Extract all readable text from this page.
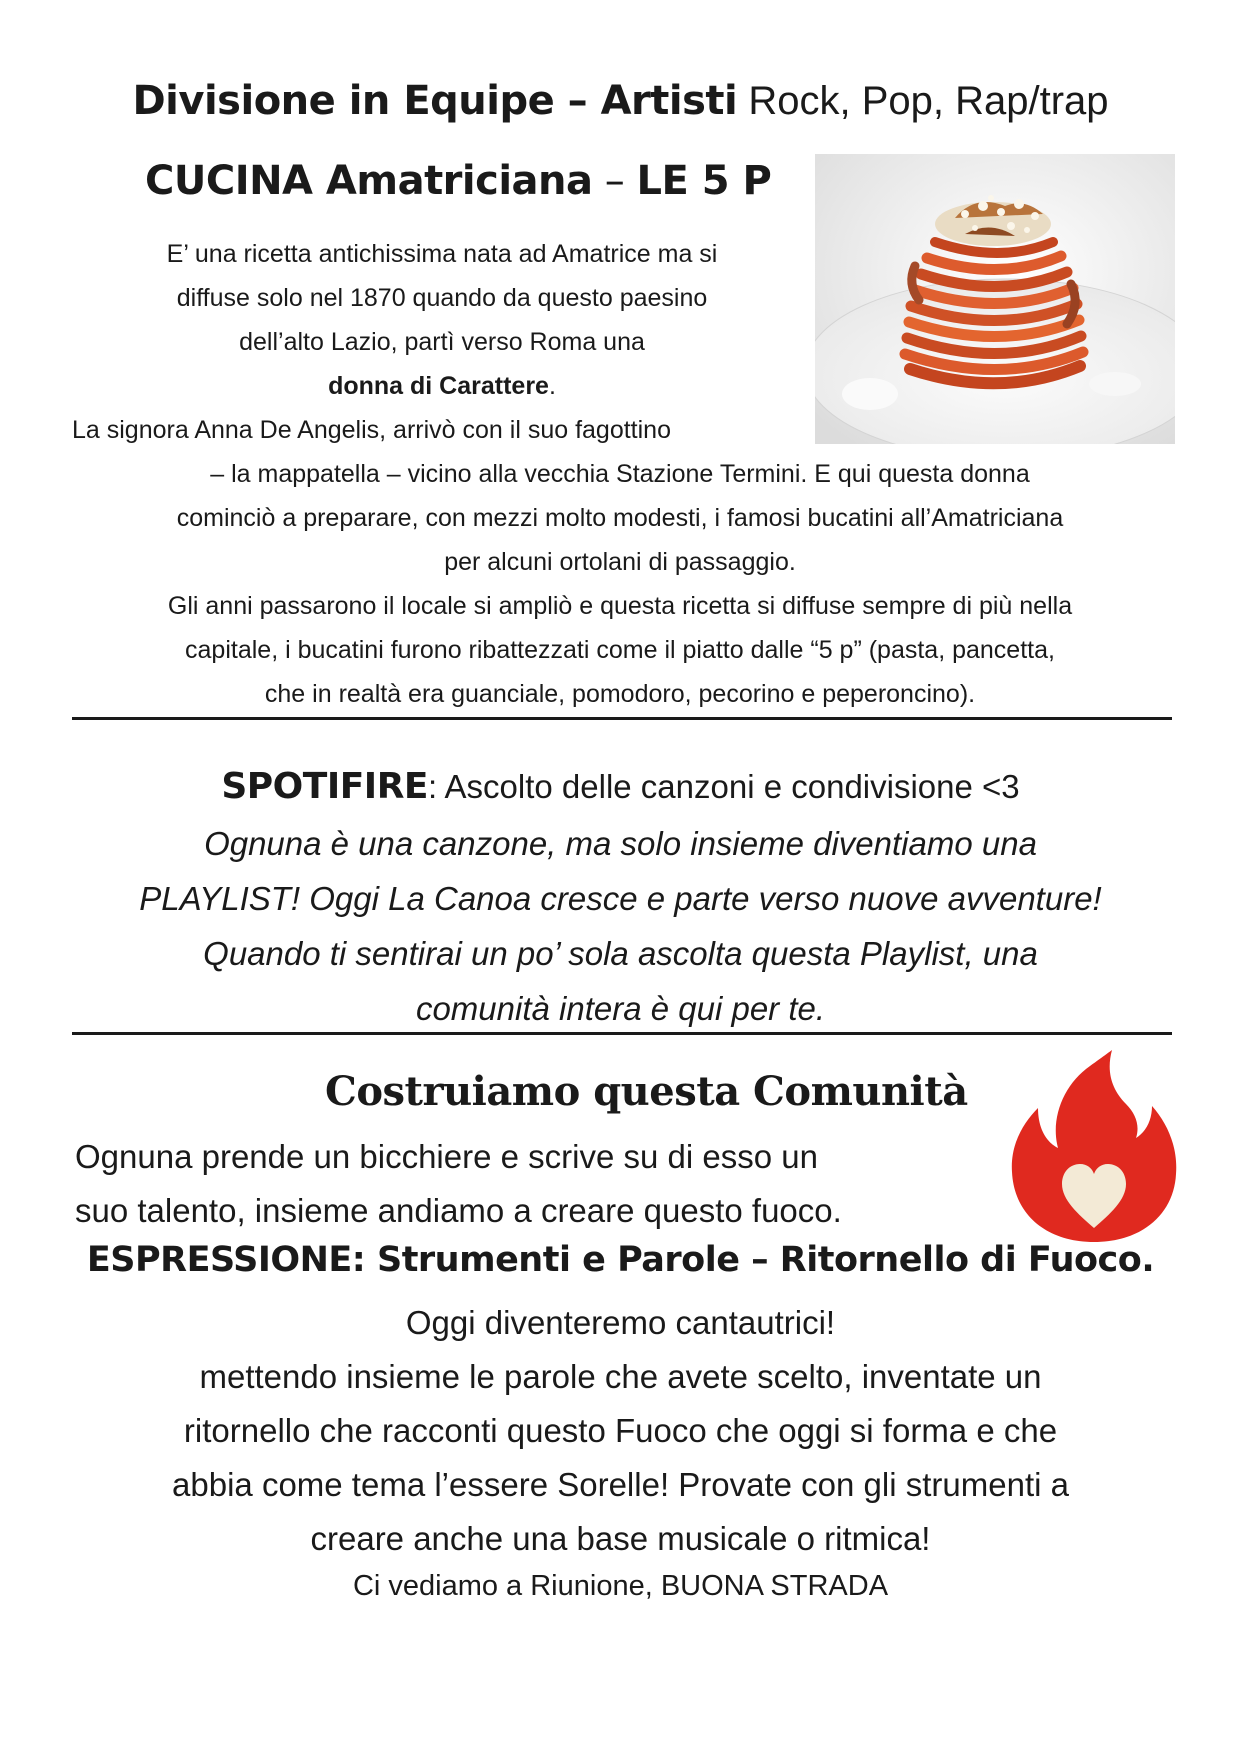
Divisione in Equipe – Artisti Rock, Pop, Rap/trap
CUCINA Amatriciana – LE 5 P

E’ una ricetta antichissima nata ad Amatrice ma si

diffuse solo nel 1870 quando da questo paesino

dell’alto Lazio, partì verso Roma una

donna di Carattere.

La signora Anna De Angelis, arrivò con il suo fagottino

– la mappatella – vicino alla vecchia Stazione Termini. E qui questa donna

cominciò a preparare, con mezzi molto modesti, i famosi bucatini all’Amatriciana

per alcuni ortolani di passaggio.

Gli anni passarono il locale si ampliò e questa ricetta si diffuse sempre di più nella

capitale, i bucatini furono ribattezzati come il piatto dalle “5 p” (pasta, pancetta,

che in realtà era guanciale, pomodoro, pecorino e peperoncino).

SPOTIFIRE: Ascolto delle canzoni e condivisione <3
Ognuna è una canzone, ma solo insieme diventiamo una
PLAYLIST! Oggi La Canoa cresce e parte verso nuove avventure!
Quando ti sentirai un po’ sola ascolta questa Playlist, una
comunità intera è qui per te.
Costruiamo questa Comunità

Ognuna prende un bicchiere e scrive su di esso un

suo talento, insieme andiamo a creare questo fuoco.

ESPRESSIONE: Strumenti e Parole – Ritornello di Fuoco.

Oggi diventeremo cantautrici!

mettendo insieme le parole che avete scelto, inventate un

ritornello che racconti questo Fuoco che oggi si forma e che

abbia come tema l’essere Sorelle! Provate con gli strumenti a

creare anche una base musicale o ritmica!

Ci vediamo a Riunione, BUONA STRADA
